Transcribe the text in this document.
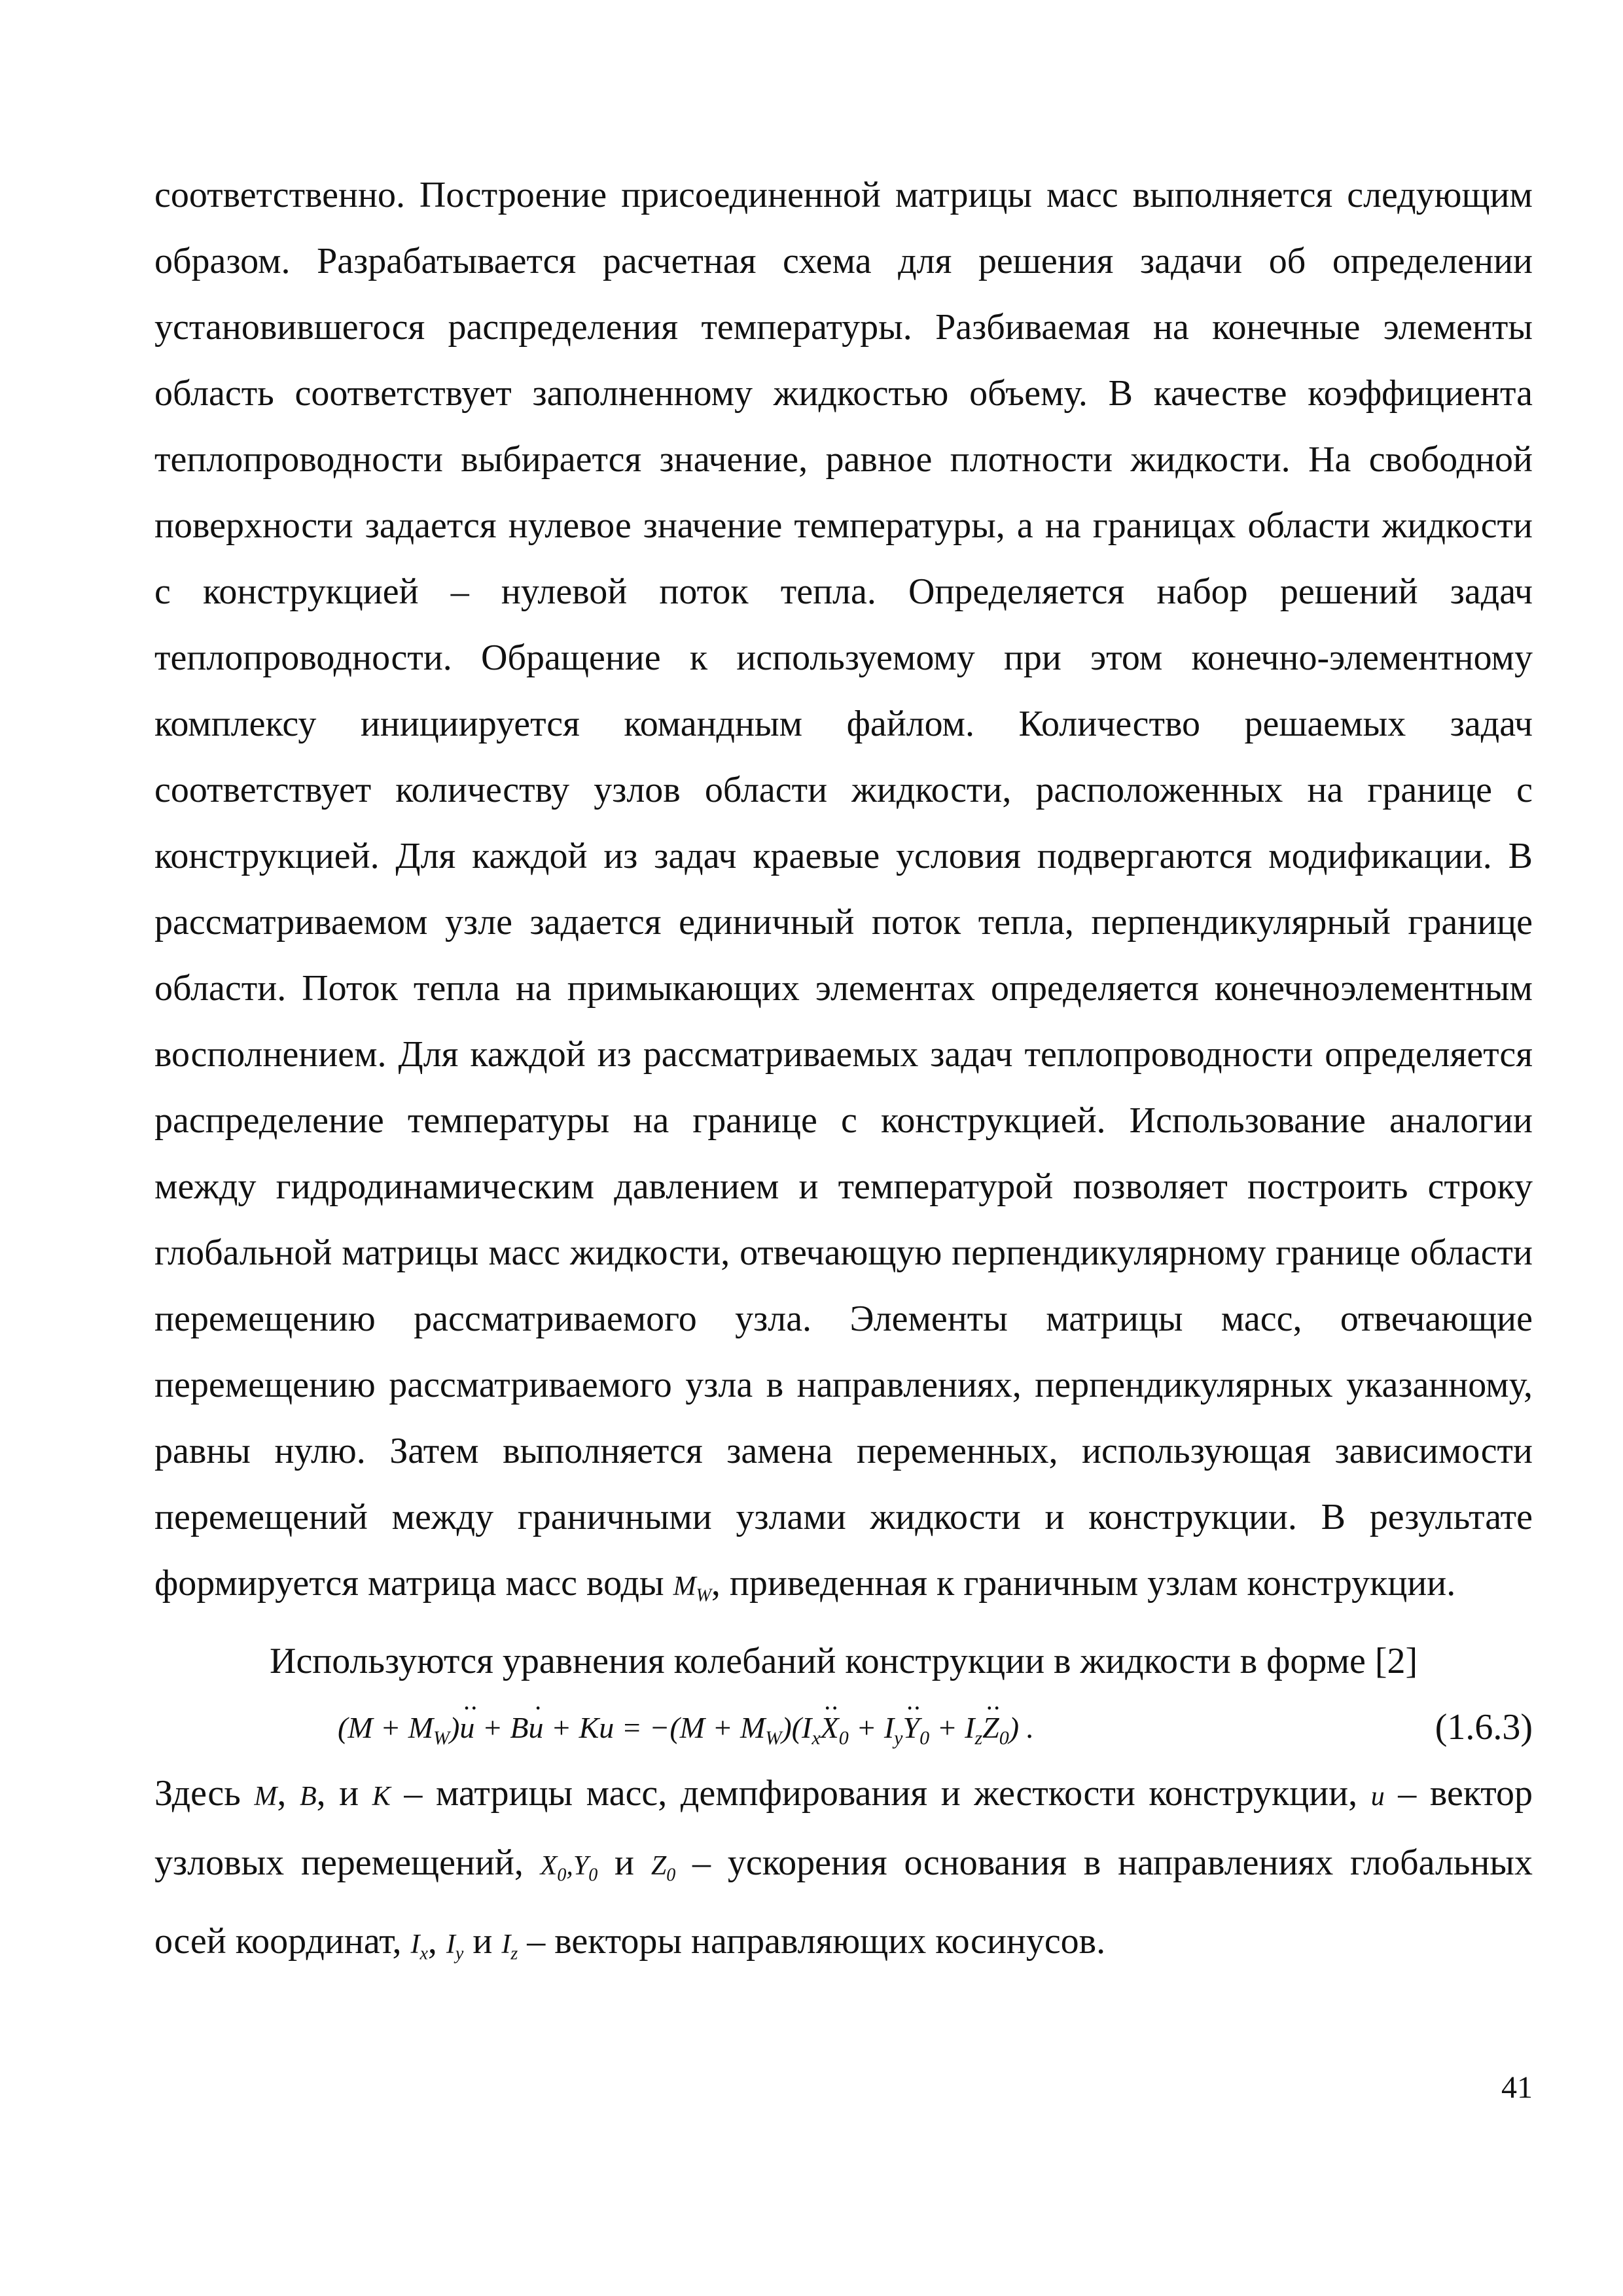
соответственно. Построение присоединенной матрицы масс выполняется следующим образом. Разрабатывается расчетная схема для решения задачи об определении установившегося распределения температуры. Разбиваемая на конечные элементы область соответствует заполненному жидкостью объему. В качестве коэффициента теплопроводности выбирается значение, равное плотности жидкости. На свободной поверхности задается нулевое значение температуры, а на границах области жидкости с конструкцией – нулевой поток тепла. Определяется набор решений задач теплопроводности. Обращение к используемому при этом конечно-элементному комплексу инициируется командным файлом. Количество решаемых задач соответствует количеству узлов области жидкости, расположенных на границе с конструкцией. Для каждой из задач краевые условия подвергаются модификации. В рассматриваемом узле задается единичный поток тепла, перпендикулярный границе области. Поток тепла на примыкающих элементах определяется конечноэлементным восполнением. Для каждой из рассматриваемых задач теплопроводности определяется распределение температуры на границе с конструкцией. Использование аналогии между гидродинамическим давлением и температурой позволяет построить строку глобальной матрицы масс жидкости, отвечающую перпендикулярному границе области перемещению рассматриваемого узла. Элементы матрицы масс, отвечающие перемещению рассматриваемого узла в направлениях, перпендикулярных указанному, равны нулю. Затем выполняется замена переменных, использующая зависимости перемещений между граничными узлами жидкости и конструкции. В результате формируется матрица масс воды $M_W$, приведенная к граничным узлам конструкции.

Используются уравнения колебаний конструкции в жидкости в форме [2]

$(M + M_W)\cdot\cdot u + B\cdot u + Ku = -(M + M_W)(I_x\cdot\cdot X_0 + I_y\cdot\cdot Y_0 + I_z\cdot\cdot Z_0)$ .	(1.6.3)

Здесь M, B, и K – матрицы масс, демпфирования и жесткости конструкции, u – вектор узловых перемещений, $X_0,Y_0$ и $Z_0$ – ускорения основания в направлениях глобальных осей координат, $I_x$, $I_y$ и $I_z$ – векторы направляющих косинусов.

41
